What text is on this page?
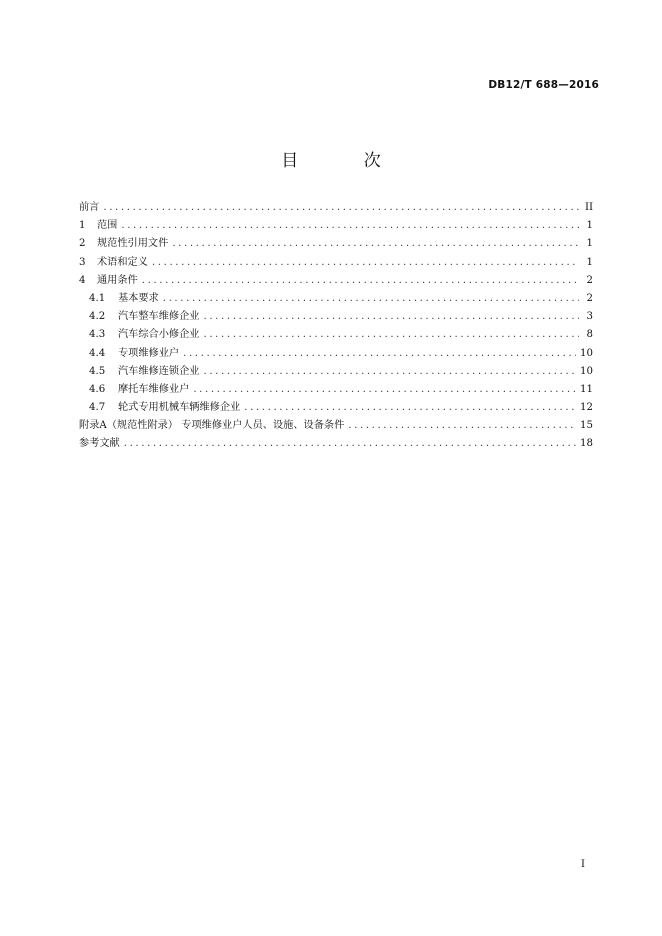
DB12/T 688—2016
目 次
前言 .....	II
1	范围 .....	1
2	规范性引用文件 .....	1
3	术语和定义 .....	1
4	通用条件 .....	2
4.1	基本要求 .....	2
4.2	汽车整车维修企业 .....	3
4.3	汽车综合小修企业 .....	8
4.4	专项维修业户 .....	10
4.5	汽车维修连锁企业 .....	10
4.6	摩托车维修业户 .....	11
4.7	轮式专用机械车辆维修企业 .....	12
附录A（规范性附录） 专项维修业户人员、设施、设备条件 .....	15
参考文献 .....	18
I
